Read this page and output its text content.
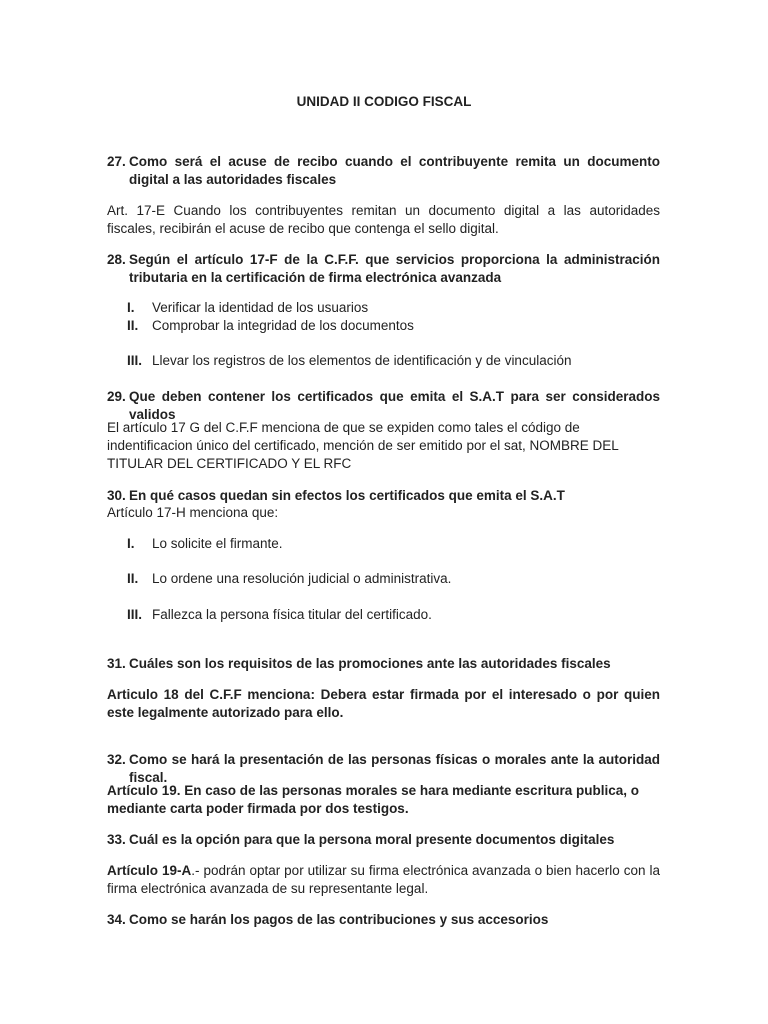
UNIDAD II CODIGO FISCAL

27. Como será el acuse de recibo cuando el contribuyente remita un documento digital a las autoridades fiscales

Art. 17-E Cuando los contribuyentes remitan un documento digital a las autoridades fiscales, recibirán el acuse de recibo que contenga el sello digital.

28. Según el artículo 17-F de la C.F.F. que servicios proporciona la administración tributaria en la certificación de firma electrónica avanzada
I.	Verificar la identidad de los usuarios
II.	Comprobar la integridad de los documentos
III. Llevar los registros de los elementos de identificación y de vinculación
29. Que deben contener los certificados que emita el S.A.T para ser considerados validos

El artículo 17 G del C.F.F menciona de que se expiden como tales el código de indentificacion único del certificado, mención de ser emitido por el sat, NOMBRE DEL TITULAR DEL CERTIFICADO Y EL RFC

30. En qué casos quedan sin efectos los certificados que emita el S.A.T

Artículo 17-H menciona que:

I.	Lo solicite el firmante.
II.	Lo ordene una resolución judicial o administrativa.
III. Fallezca la persona física titular del certificado.
31. Cuáles son los requisitos de las promociones ante las autoridades fiscales

Articulo 18 del C.F.F menciona: Debera estar firmada por el interesado o por quien este legalmente autorizado para ello.

32. Como se hará la presentación de las personas físicas o morales ante la autoridad fiscal.

Artículo 19. En caso de las personas morales se hara mediante escritura publica, o mediante carta poder firmada por dos testigos.

33. Cuál es la opción para que la persona moral presente documentos digitales

Artículo 19-A.- podrán optar por utilizar su firma electrónica avanzada o bien hacerlo con la firma electrónica avanzada de su representante legal.

34. Como se harán los pagos de las contribuciones y sus accesorios
